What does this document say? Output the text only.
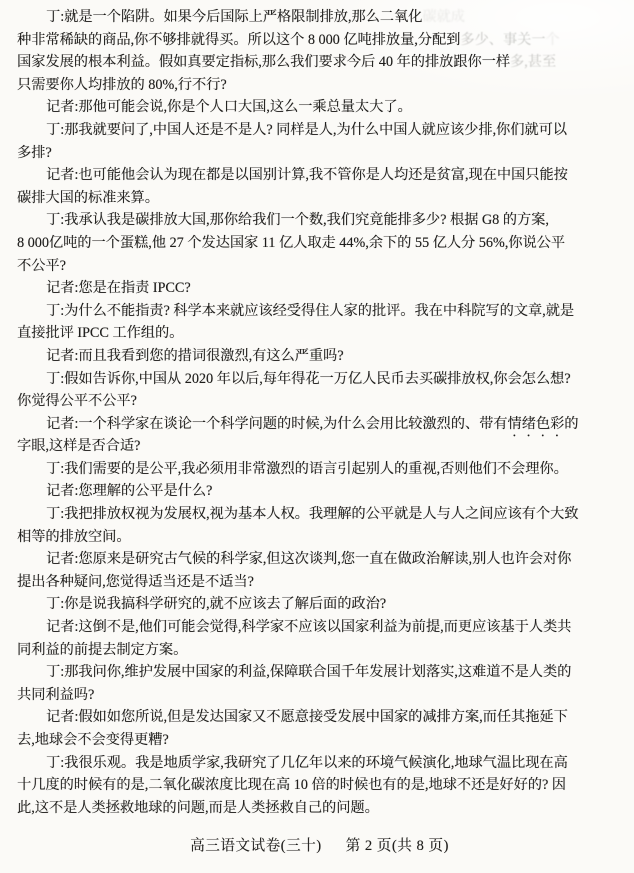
丁:就是一个陷阱。如果今后国际上严格限制排放,那么二氧化碳就成
种非常稀缺的商品,你不够排就得买。所以这个 8 000 亿吨排放量,分配到多少、事关一个
国家发展的根本利益。假如真要定指标,那么我们要求今后 40 年的排放跟你一样多,甚至
只需要你人均排放的 80%,行不行?
记者:那他可能会说,你是个人口大国,这么一乘总量太大了。
丁:那我就要问了,中国人还是不是人? 同样是人,为什么中国人就应该少排,你们就可以
多排?
记者:也可能他会认为现在都是以国别计算,我不管你是人均还是贫富,现在中国只能按
碳排大国的标准来算。
丁:我承认我是碳排放大国,那你给我们一个数,我们究竟能排多少? 根据 G8 的方案,
8 000亿吨的一个蛋糕,他 27 个发达国家 11 亿人取走 44%,余下的 55 亿人分 56%,你说公平
不公平?
记者:您是在指责 IPCC?
丁:为什么不能指责? 科学本来就应该经受得住人家的批评。我在中科院写的文章,就是
直接批评 IPCC 工作组的。
记者:而且我看到您的措词很激烈,有这么严重吗?
丁:假如告诉你,中国从 2020 年以后,每年得花一万亿人民币去买碳排放权,你会怎么想?
你觉得公平不公平?
记者:一个科学家在谈论一个科学问题的时候,为什么会用比较激烈的、带有情绪色彩的
字眼,这样是否合适?
丁:我们需要的是公平,我必须用非常激烈的语言引起别人的重视,否则他们不会理你。
记者:您理解的公平是什么?
丁:我把排放权视为发展权,视为基本人权。我理解的公平就是人与人之间应该有个大致
相等的排放空间。
记者:您原来是研究古气候的科学家,但这次谈判,您一直在做政治解读,别人也许会对你
提出各种疑问,您觉得适当还是不适当?
丁:你是说我搞科学研究的,就不应该去了解后面的政治?
记者:这倒不是,他们可能会觉得,科学家不应该以国家利益为前提,而更应该基于人类共
同利益的前提去制定方案。
丁:那我问你,维护发展中国家的利益,保障联合国千年发展计划落实,这难道不是人类的
共同利益吗?
记者:假如如您所说,但是发达国家又不愿意接受发展中国家的减排方案,而任其拖延下
去,地球会不会变得更糟?
丁:我很乐观。我是地质学家,我研究了几亿年以来的环境气候演化,地球气温比现在高
十几度的时候有的是,二氧化碳浓度比现在高 10 倍的时候也有的是,地球不还是好好的? 因
此,这不是人类拯救地球的问题,而是人类拯救自己的问题。
高三语文试卷(三十) 第 2 页(共 8 页)
